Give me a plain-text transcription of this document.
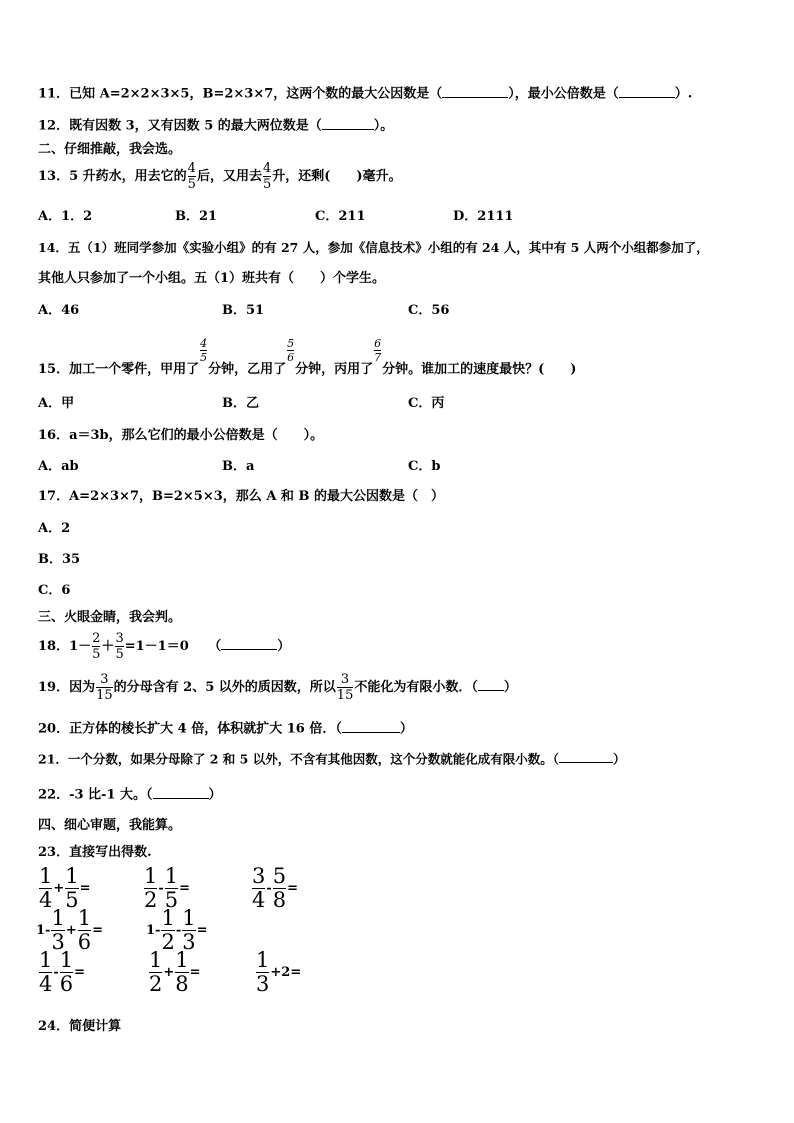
11．已知 A=2×2×3×5，B=2×3×7，这两个数的最大公因数是（	），最小公倍数是（	）.
12．既有因数 3，又有因数 5 的最大两位数是（	）。
二、仔细推敲，我会选。
13．5 升药水，用去它的 $\frac{4}{5}$ 后，又用去 $\frac{4}{5}$ 升，还剩(　　)毫升。
A．1．2	B．21	C．211	D．2111
14．五（1）班同学参加《实验小组》的有 27 人，参加《信息技术》小组的有 24 人，其中有 5 人两个小组都参加了，
其他人只参加了一个小组。五（1）班共有（　　）个学生。
A．46	B．51	C．56
15．加工一个零件，甲用了
$\frac{4}{5}$
分钟，乙用了
$\frac{5}{6}$
分钟，丙用了
$\frac{6}{7}$
分钟。谁加工的速度最快？(　　)
A．甲	B．乙	C．丙
16．a＝3b，那么它们的最小公倍数是（　　）。
A．ab	B．a	C．b
17．A=2×3×7，B=2×5×3，那么 A 和 B 的最大公因数是（　）
A．2
B．35
C．6
三、火眼金睛，我会判。
18．$1- \frac{2}{5} + \frac{3}{5} =1-1=0$　　（	）
19．因为 $\frac{3}{15}$ 的分母含有 2、5 以外的质因数，所以 $\frac{3}{15}$ 不能化为有限小数．（ ）
20．正方体的棱长扩大 4 倍，体积就扩大 16 倍．（	）
21．一个分数，如果分母除了 2 和 5 以外，不含有其他因数，这个分数就能化成有限小数。（	）
22．-3 比-1 大。（	）
四、细心审题，我能算。
23．直接写出得数.
$\frac{1}{4} + \frac{1}{5}$ =	$\frac{1}{2} - \frac{1}{5}$ =	$\frac{3}{4} - \frac{5}{8}$ =
$1- \frac{1}{3} + \frac{1}{6}$ =	$1- \frac{1}{2} - \frac{1}{3}$ =
$\frac{1}{4} - \frac{1}{6}$ =	$\frac{1}{2} + \frac{1}{8}$ =	$\frac{1}{3} +2=$
24．简便计算
